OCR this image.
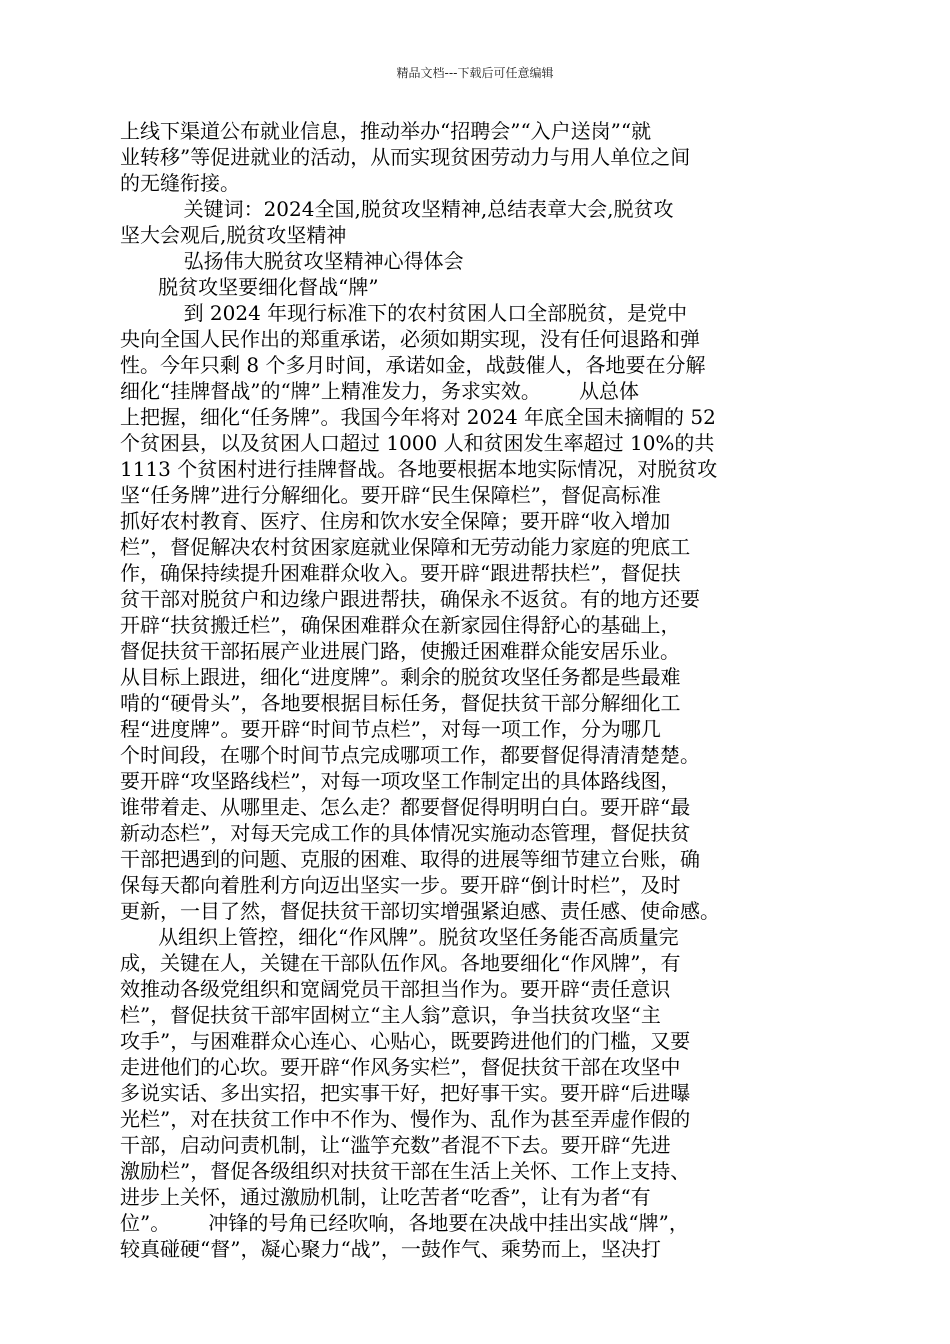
精品文档---下载后可任意编辑
上线下渠道公布就业信息，推动举办“招聘会”“入户送岗”“就
业转移”等促进就业的活动，从而实现贫困劳动力与用人单位之间
的无缝衔接。
关键词：2024全国,脱贫攻坚精神,总结表章大会,脱贫攻
坚大会观后,脱贫攻坚精神
弘扬伟大脱贫攻坚精神心得体会
脱贫攻坚要细化督战“牌”
到 2024 年现行标准下的农村贫困人口全部脱贫，是党中
央向全国人民作出的郑重承诺，必须如期实现，没有任何退路和弹
性。今年只剩 8 个多月时间，承诺如金，战鼓催人，各地要在分解
细化“挂牌督战”的“牌”上精准发力，务求实效。      从总体
上把握，细化“任务牌”。我国今年将对 2024 年底全国未摘帽的 52
个贫困县，以及贫困人口超过 1000 人和贫困发生率超过 10%的共
1113 个贫困村进行挂牌督战。各地要根据本地实际情况，对脱贫攻
坚“任务牌”进行分解细化。要开辟“民生保障栏”，督促高标准
抓好农村教育、医疗、住房和饮水安全保障；要开辟“收入增加
栏”，督促解决农村贫困家庭就业保障和无劳动能力家庭的兜底工
作，确保持续提升困难群众收入。要开辟“跟进帮扶栏”，督促扶
贫干部对脱贫户和边缘户跟进帮扶，确保永不返贫。有的地方还要
开辟“扶贫搬迁栏”，确保困难群众在新家园住得舒心的基础上，
督促扶贫干部拓展产业进展门路，使搬迁困难群众能安居乐业。
从目标上跟进，细化“进度牌”。剩余的脱贫攻坚任务都是些最难
啃的“硬骨头”，各地要根据目标任务，督促扶贫干部分解细化工
程“进度牌”。要开辟“时间节点栏”，对每一项工作，分为哪几
个时间段，在哪个时间节点完成哪项工作，都要督促得清清楚楚。
要开辟“攻坚路线栏”，对每一项攻坚工作制定出的具体路线图，
谁带着走、从哪里走、怎么走？都要督促得明明白白。要开辟“最
新动态栏”，对每天完成工作的具体情况实施动态管理，督促扶贫
干部把遇到的问题、克服的困难、取得的进展等细节建立台账，确
保每天都向着胜利方向迈出坚实一步。要开辟“倒计时栏”，及时
更新，一目了然，督促扶贫干部切实增强紧迫感、责任感、使命感。
从组织上管控，细化“作风牌”。脱贫攻坚任务能否高质量完
成，关键在人，关键在干部队伍作风。各地要细化“作风牌”，有
效推动各级党组织和宽阔党员干部担当作为。要开辟“责任意识
栏”，督促扶贫干部牢固树立“主人翁”意识，争当扶贫攻坚“主
攻手”，与困难群众心连心、心贴心，既要跨进他们的门槛，又要
走进他们的心坎。要开辟“作风务实栏”，督促扶贫干部在攻坚中
多说实话、多出实招，把实事干好，把好事干实。要开辟“后进曝
光栏”，对在扶贫工作中不作为、慢作为、乱作为甚至弄虚作假的
干部，启动问责机制，让“滥竽充数”者混不下去。要开辟“先进
激励栏”，督促各级组织对扶贫干部在生活上关怀、工作上支持、
进步上关怀，通过激励机制，让吃苦者“吃香”，让有为者“有
位”。      冲锋的号角已经吹响，各地要在决战中挂出实战“牌”，
较真碰硬“督”，凝心聚力“战”，一鼓作气、乘势而上，坚决打
